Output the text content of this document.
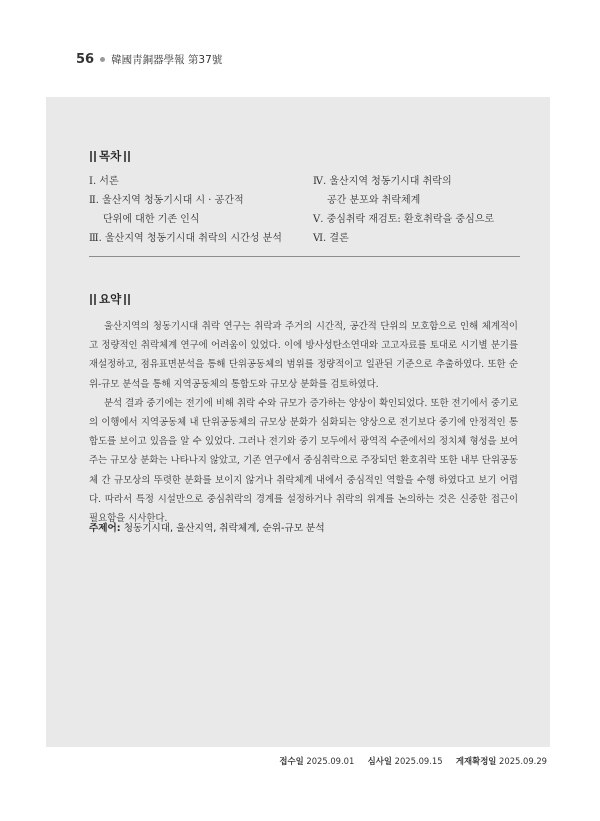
56 韓國靑銅器學報 第37號
목차
Ⅰ. 서론
Ⅱ. 울산지역 청동기시대 시 · 공간적
단위에 대한 기존 인식
Ⅲ. 울산지역 청동기시대 취락의 시간성 분석
Ⅳ. 울산지역 청동기시대 취락의
공간 분포와 취락체계
Ⅴ. 중심취락 재검토: 환호취락을 중심으로
Ⅵ. 결론
요약

울산지역의 청동기시대 취락 연구는 취락과 주거의 시간적, 공간적 단위의 모호함으로 인해 체계적이고 정량적인 취락체계 연구에 어려움이 있었다. 이에 방사성탄소연대와 고고자료를 토대로 시기별 분기를 재설정하고, 점유표면분석을 통해 단위공동체의 범위를 정량적이고 일관된 기준으로 추출하였다. 또한 순위-규모 분석을 통해 지역공동체의 통합도와 규모상 분화를 검토하였다.

분석 결과 중기에는 전기에 비해 취락 수와 규모가 증가하는 양상이 확인되었다. 또한 전기에서 중기로의 이행에서 지역공동체 내 단위공동체의 규모상 분화가 심화되는 양상으로 전기보다 중기에 안정적인 통합도를 보이고 있음을 알 수 있었다. 그러나 전기와 중기 모두에서 광역적 수준에서의 정치체 형성을 보여주는 규모상 분화는 나타나지 않았고, 기존 연구에서 중심취락으로 주장되던 환호취락 또한 내부 단위공동체 간 규모상의 뚜렷한 분화를 보이지 않거나 취락체계 내에서 중심적인 역할을 수행 하였다고 보기 어렵다. 따라서 특정 시설만으로 중심취락의 경계를 설정하거나 취락의 위계를 논의하는 것은 신중한 접근이 필요함을 시사한다.

주제어: 청동기시대, 울산지역, 취락체계, 순위-규모 분석
접수일 2025.09.01 심사일 2025.09.15 게재확정일 2025.09.29
